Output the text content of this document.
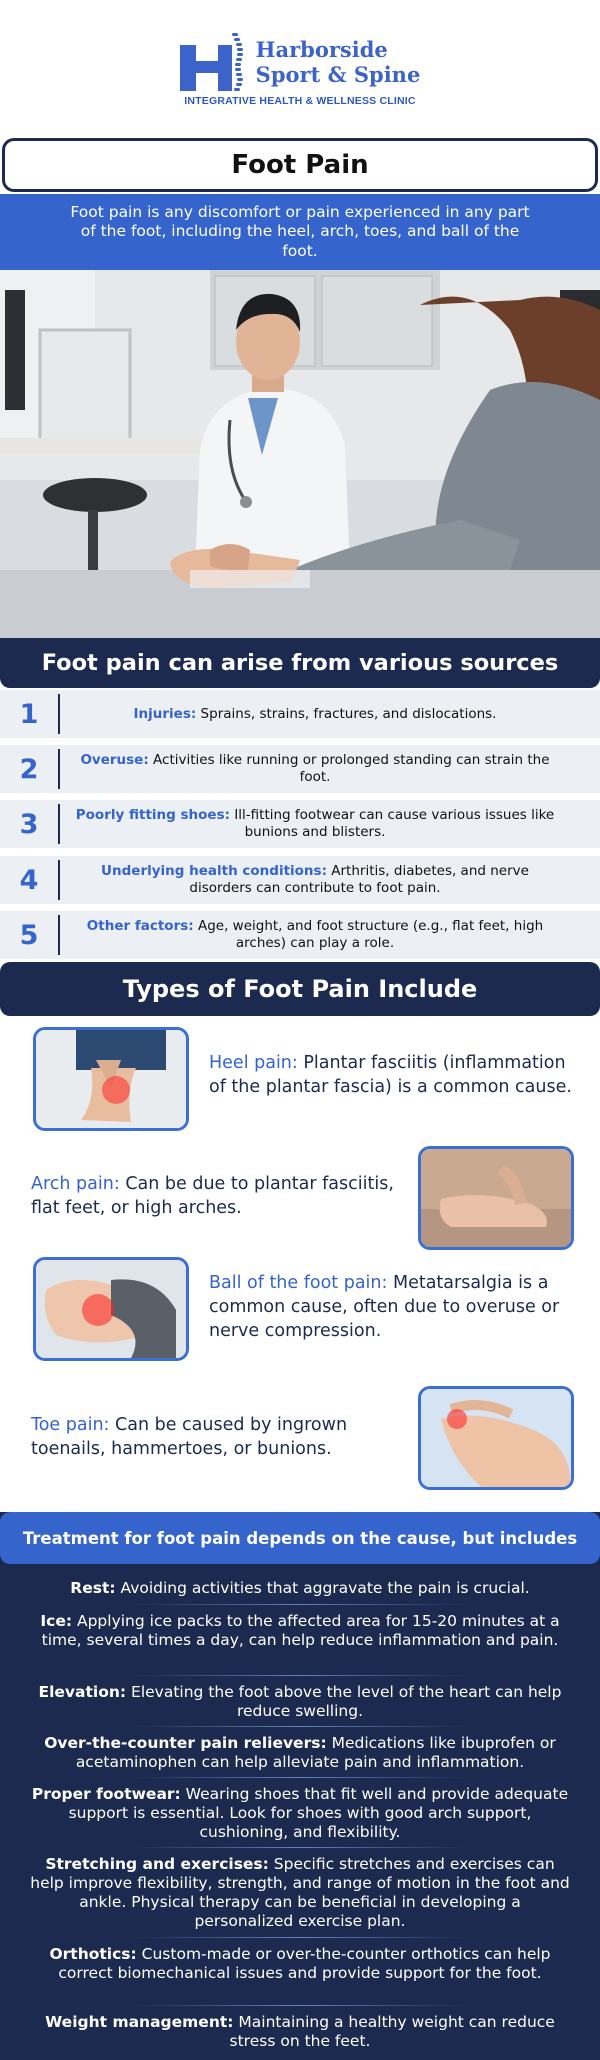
Harborside
Sport & Spine
INTEGRATIVE HEALTH & WELLNESS CLINIC
Foot Pain
Foot pain is any discomfort or pain experienced in any part of the foot, including the heel, arch, toes, and ball of the foot.
Foot pain can arise from various sources
1	Injuries: Sprains, strains, fractures, and dislocations.
2	Overuse: Activities like running or prolonged standing can strain the foot.
3	Poorly fitting shoes: Ill-fitting footwear can cause various issues like bunions and blisters.
4	Underlying health conditions: Arthritis, diabetes, and nerve disorders can contribute to foot pain.
5	Other factors: Age, weight, and foot structure (e.g., flat feet, high arches) can play a role.
Types of Foot Pain Include
Heel pain: Plantar fasciitis (inflammation of the plantar fascia) is a common cause.
Arch pain: Can be due to plantar fasciitis, flat feet, or high arches.
Ball of the foot pain: Metatarsalgia is a common cause, often due to overuse or nerve compression.
Toe pain: Can be caused by ingrown toenails, hammertoes, or bunions.
Treatment for foot pain depends on the cause, but includes
Rest: Avoiding activities that aggravate the pain is crucial.
Ice: Applying ice packs to the affected area for 15-20 minutes at a time, several times a day, can help reduce inflammation and pain.
Elevation: Elevating the foot above the level of the heart can help reduce swelling.
Over-the-counter pain relievers: Medications like ibuprofen or acetaminophen can help alleviate pain and inflammation.
Proper footwear: Wearing shoes that fit well and provide adequate support is essential. Look for shoes with good arch support, cushioning, and flexibility.
Stretching and exercises: Specific stretches and exercises can help improve flexibility, strength, and range of motion in the foot and ankle. Physical therapy can be beneficial in developing a personalized exercise plan.
Orthotics: Custom-made or over-the-counter orthotics can help correct biomechanical issues and provide support for the foot.
Weight management: Maintaining a healthy weight can reduce stress on the feet.
